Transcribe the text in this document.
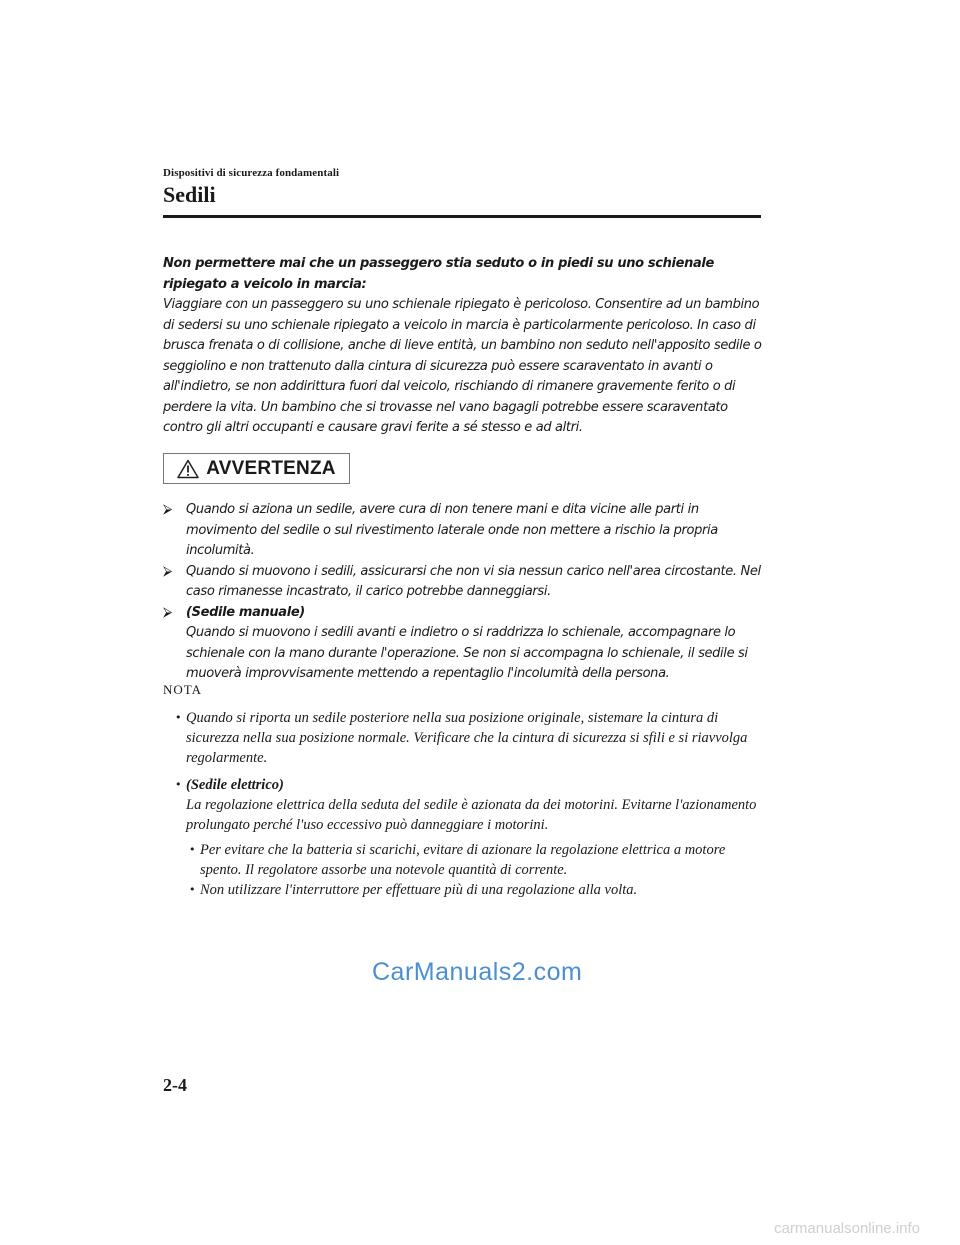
Dispositivi di sicurezza fondamentali
Sedili
Non permettere mai che un passeggero stia seduto o in piedi su uno schienale ripiegato a veicolo in marcia:
Viaggiare con un passeggero su uno schienale ripiegato è pericoloso. Consentire ad un bambino di sedersi su uno schienale ripiegato a veicolo in marcia è particolarmente pericoloso. In caso di brusca frenata o di collisione, anche di lieve entità, un bambino non seduto nell'apposito sedile o seggiolino e non trattenuto dalla cintura di sicurezza può essere scaraventato in avanti o all'indietro, se non addirittura fuori dal veicolo, rischiando di rimanere gravemente ferito o di perdere la vita. Un bambino che si trovasse nel vano bagagli potrebbe essere scaraventato contro gli altri occupanti e causare gravi ferite a sé stesso e ad altri.
AVVERTENZA
⮚ Quando si aziona un sedile, avere cura di non tenere mani e dita vicine alle parti in movimento del sedile o sul rivestimento laterale onde non mettere a rischio la propria incolumità.
⮚ Quando si muovono i sedili, assicurarsi che non vi sia nessun carico nell'area circostante. Nel caso rimanesse incastrato, il carico potrebbe danneggiarsi.
⮚ (Sedile manuale)
Quando si muovono i sedili avanti e indietro o si raddrizza lo schienale, accompagnare lo schienale con la mano durante l'operazione. Se non si accompagna lo schienale, il sedile si muoverà improvvisamente mettendo a repentaglio l'incolumità della persona.
NOTA
• Quando si riporta un sedile posteriore nella sua posizione originale, sistemare la cintura di sicurezza nella sua posizione normale. Verificare che la cintura di sicurezza si sfili e si riavvolga regolarmente.
• (Sedile elettrico)
La regolazione elettrica della seduta del sedile è azionata da dei motorini. Evitarne l'azionamento prolungato perché l'uso eccessivo può danneggiare i motorini.
• Per evitare che la batteria si scarichi, evitare di azionare la regolazione elettrica a motore spento. Il regolatore assorbe una notevole quantità di corrente.
• Non utilizzare l'interruttore per effettuare più di una regolazione alla volta.
CarManuals2.com
2-4
carmanualsonline.info
